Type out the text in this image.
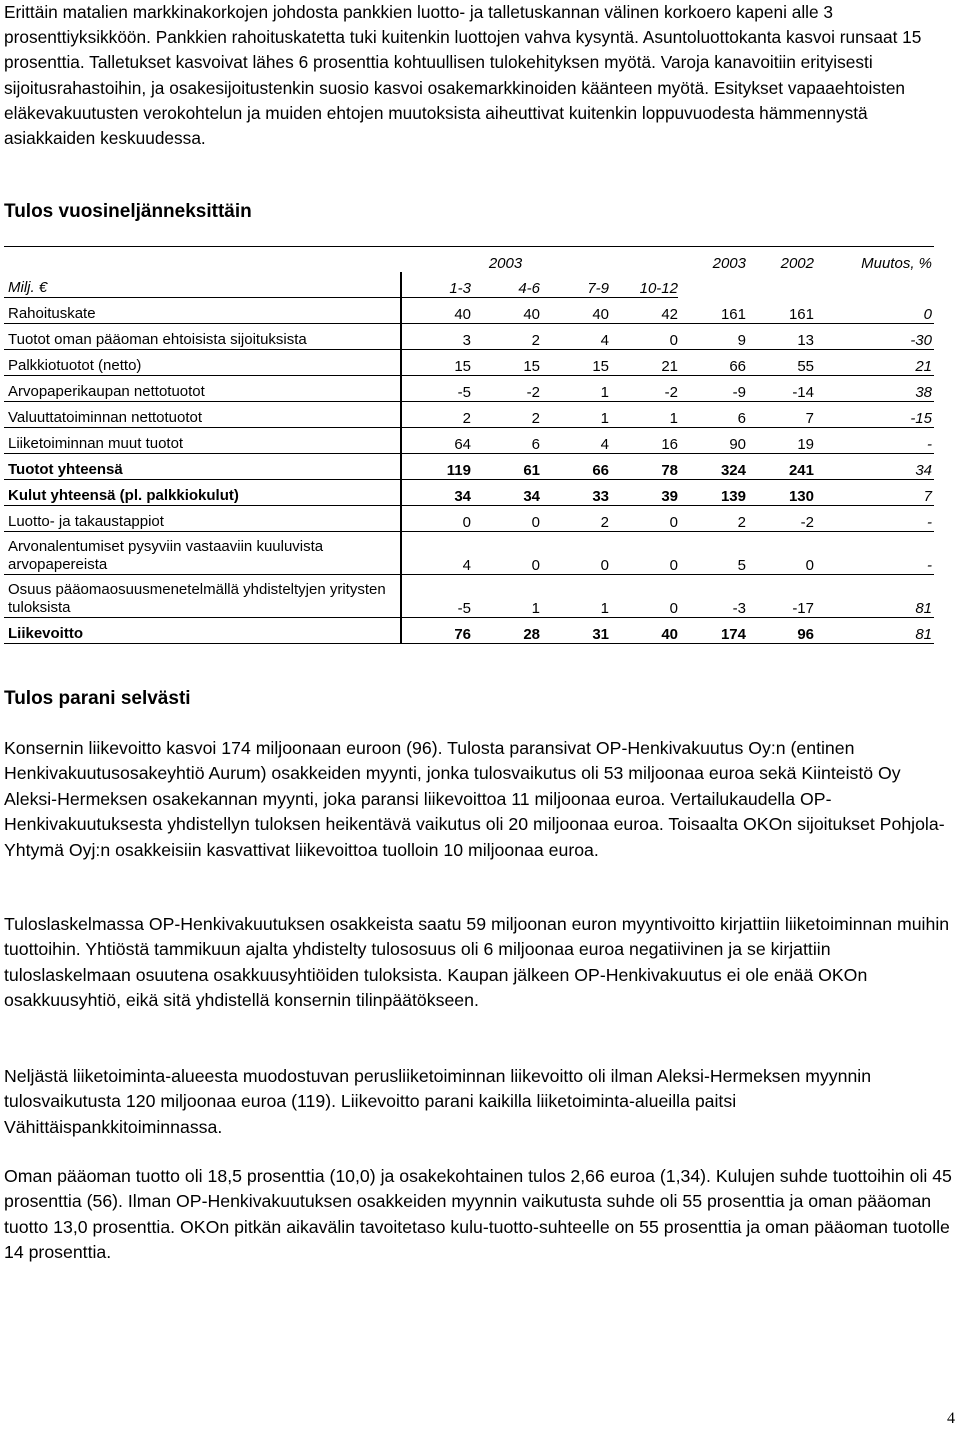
Erittäin matalien markkinakorkojen johdosta pankkien luotto- ja talletuskannan välinen korkoero kapeni alle 3 prosenttiyksikköön. Pankkien rahoituskatetta tuki kuitenkin luottojen vahva kysyntä. Asuntoluottokanta kasvoi runsaat 15 prosenttia. Talletukset kasvoivat lähes 6 prosenttia kohtuullisen tulokehityksen myötä. Varoja kanavoitiin erityisesti sijoitusrahastoihin, ja osakesijoitustenkin suosio kasvoi osakemarkkinoiden käänteen myötä. Esitykset vapaaehtoisten eläkevakuutusten verokohtelun ja muiden ehtojen muutoksista aiheuttivat kuitenkin loppuvuodesta hämmennystä asiakkaiden keskuudessa.

Tulos vuosineljänneksittäin
		2003			2003	2002	Muutos, %
Milj. €	1-3	4-6	7-9	10-12			
Rahoituskate	40	40	40	42	161	161	0
Tuotot oman pääoman ehtoisista sijoituksista	3	2	4	0	9	13	-30
Palkkiotuotot (netto)	15	15	15	21	66	55	21
Arvopaperikaupan nettotuotot	-5	-2	1	-2	-9	-14	38
Valuuttatoiminnan nettotuotot	2	2	1	1	6	7	-15
Liiketoiminnan muut tuotot	64	6	4	16	90	19	-
Tuotot yhteensä	119	61	66	78	324	241	34
Kulut yhteensä (pl. palkkiokulut)	34	34	33	39	139	130	7
Luotto- ja takaustappiot	0	0	2	0	2	-2	-
Arvonalentumiset pysyviin vastaaviin kuuluvista arvopapereista	4	0	0	0	5	0	-
Osuus pääomaosuusmenetelmällä yhdisteltyjen yritysten tuloksista	-5	1	1	0	-3	-17	81
Liikevoitto	76	28	31	40	174	96	81
Tulos parani selvästi

Konsernin liikevoitto kasvoi 174 miljoonaan euroon (96). Tulosta paransivat OP-Henkivakuutus Oy:n (entinen Henkivakuutusosakeyhtiö Aurum) osakkeiden myynti, jonka tulosvaikutus oli 53 miljoonaa euroa sekä Kiinteistö Oy Aleksi-Hermeksen osakekannan myynti, joka paransi liikevoittoa 11 miljoonaa euroa. Vertailukaudella OP-Henkivakuutuksesta yhdistellyn tuloksen heikentävä vaikutus oli 20 miljoonaa euroa. Toisaalta OKOn sijoitukset Pohjola-Yhtymä Oyj:n osakkeisiin kasvattivat liikevoittoa tuolloin 10 miljoonaa euroa.

Tuloslaskelmassa OP-Henkivakuutuksen osakkeista saatu 59 miljoonan euron myyntivoitto kirjattiin liiketoiminnan muihin tuottoihin. Yhtiöstä tammikuun ajalta yhdistelty tulososuus oli 6 miljoonaa euroa negatiivinen ja se kirjattiin tuloslaskelmaan osuutena osakkuusyhtiöiden tuloksista. Kaupan jälkeen OP-Henkivakuutus ei ole enää OKOn osakkuusyhtiö, eikä sitä yhdistellä konsernin tilinpäätökseen.

Neljästä liiketoiminta-alueesta muodostuvan perusliiketoiminnan liikevoitto oli ilman Aleksi-Hermeksen myynnin tulosvaikutusta 120 miljoonaa euroa (119). Liikevoitto parani kaikilla liiketoiminta-alueilla paitsi Vähittäispankkitoiminnassa.

Oman pääoman tuotto oli 18,5 prosenttia (10,0) ja osakekohtainen tulos 2,66 euroa (1,34). Kulujen suhde tuottoihin oli 45 prosenttia (56). Ilman OP-Henkivakuutuksen osakkeiden myynnin vaikutusta suhde oli 55 prosenttia ja oman pääoman tuotto 13,0 prosenttia. OKOn pitkän aikavälin tavoitetaso kulu-tuotto-suhteelle on 55 prosenttia ja oman pääoman tuotolle 14 prosenttia.

4
